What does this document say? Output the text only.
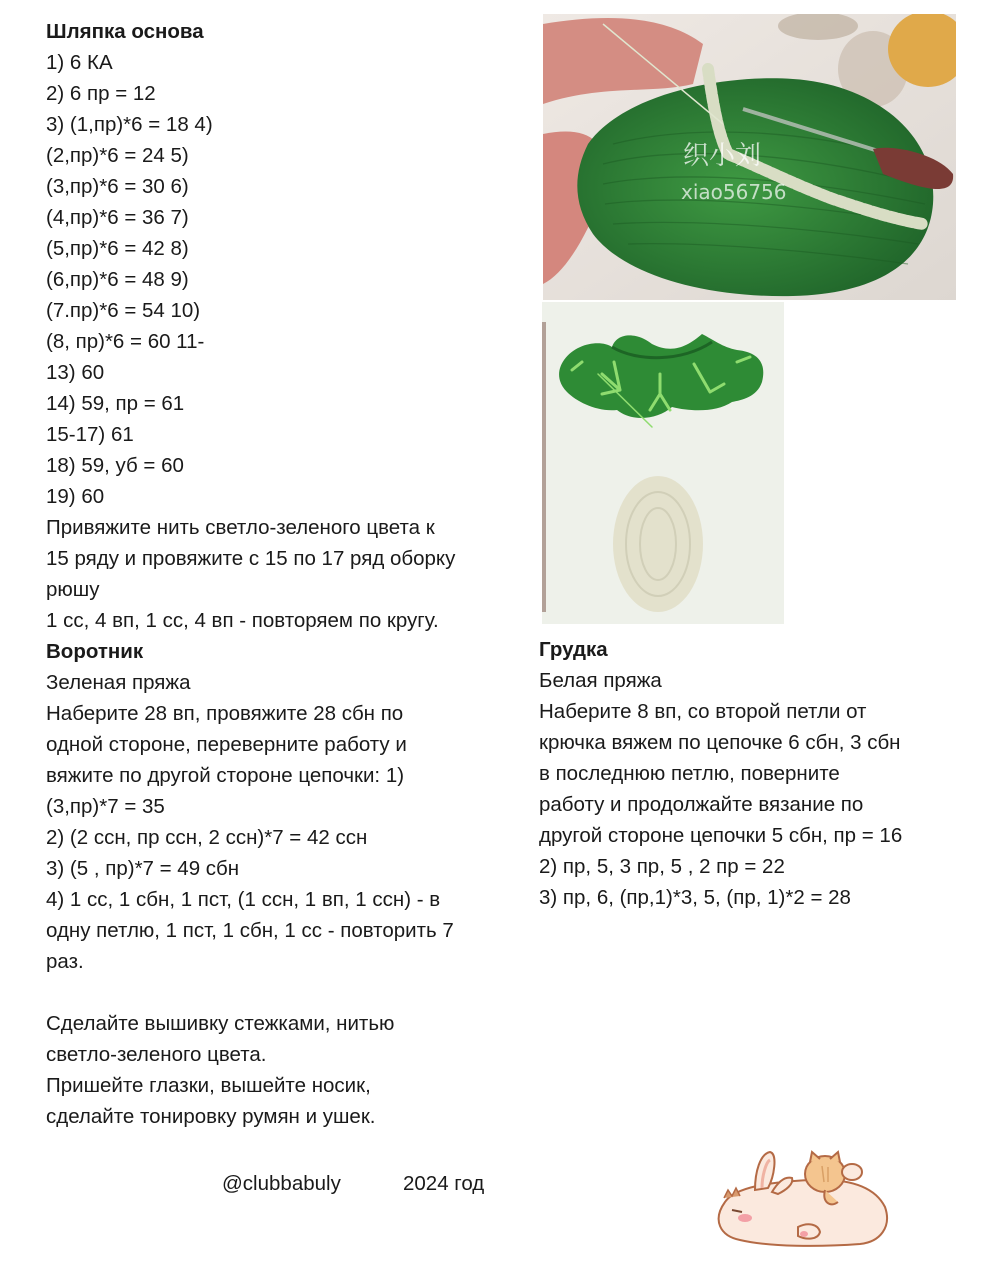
Шляпка основа
1) 6 КА
2) 6 пр = 12
3) (1,пр)*6 = 18 4)
(2,пр)*6 = 24 5)
(3,пр)*6 = 30 6)
(4,пр)*6 = 36 7)
(5,пр)*6 = 42 8)
(6,пр)*6 = 48 9)
(7.пр)*6 = 54 10)
(8, пр)*6 = 60 11-
13) 60
14) 59, пр = 61
15-17) 61
18) 59, уб = 60
19) 60
Привяжите нить светло-зеленого цвета к
15 ряду и провяжите с 15 по 17 ряд оборку
рюшу
1 сс, 4 вп, 1 сс, 4 вп - повторяем по кругу.
Воротник
Зеленая пряжа
Наберите 28 вп, провяжите 28 сбн по
одной стороне, переверните работу и
вяжите по другой стороне цепочки: 1)
(3,пр)*7 = 35
2) (2 ссн, пр ссн, 2 ссн)*7 = 42 ссн
3) (5 , пр)*7 = 49 сбн
4) 1 сс, 1 сбн, 1 пст, (1 ссн, 1 вп, 1 ссн) - в
одну петлю, 1 пст, 1 сбн, 1 сс - повторить 7
раз.
Сделайте вышивку стежками, нитью
светло-зеленого цвета.
Пришейте глазки, вышейте носик,
сделайте тонировку румян и ушек.
Грудка
Белая пряжа
Наберите 8 вп, со второй петли от
крючка вяжем по цепочке 6 сбн, 3 сбн
в последнюю петлю, поверните
работу и продолжайте вязание по
другой стороне цепочки 5 сбн, пр = 16
2) пр, 5, 3 пр, 5 , 2 пр = 22
3) пр, 6, (пр,1)*3, 5, (пр, 1)*2 = 28
织小刘
xiao56756
@clubbabuly	2024 год
